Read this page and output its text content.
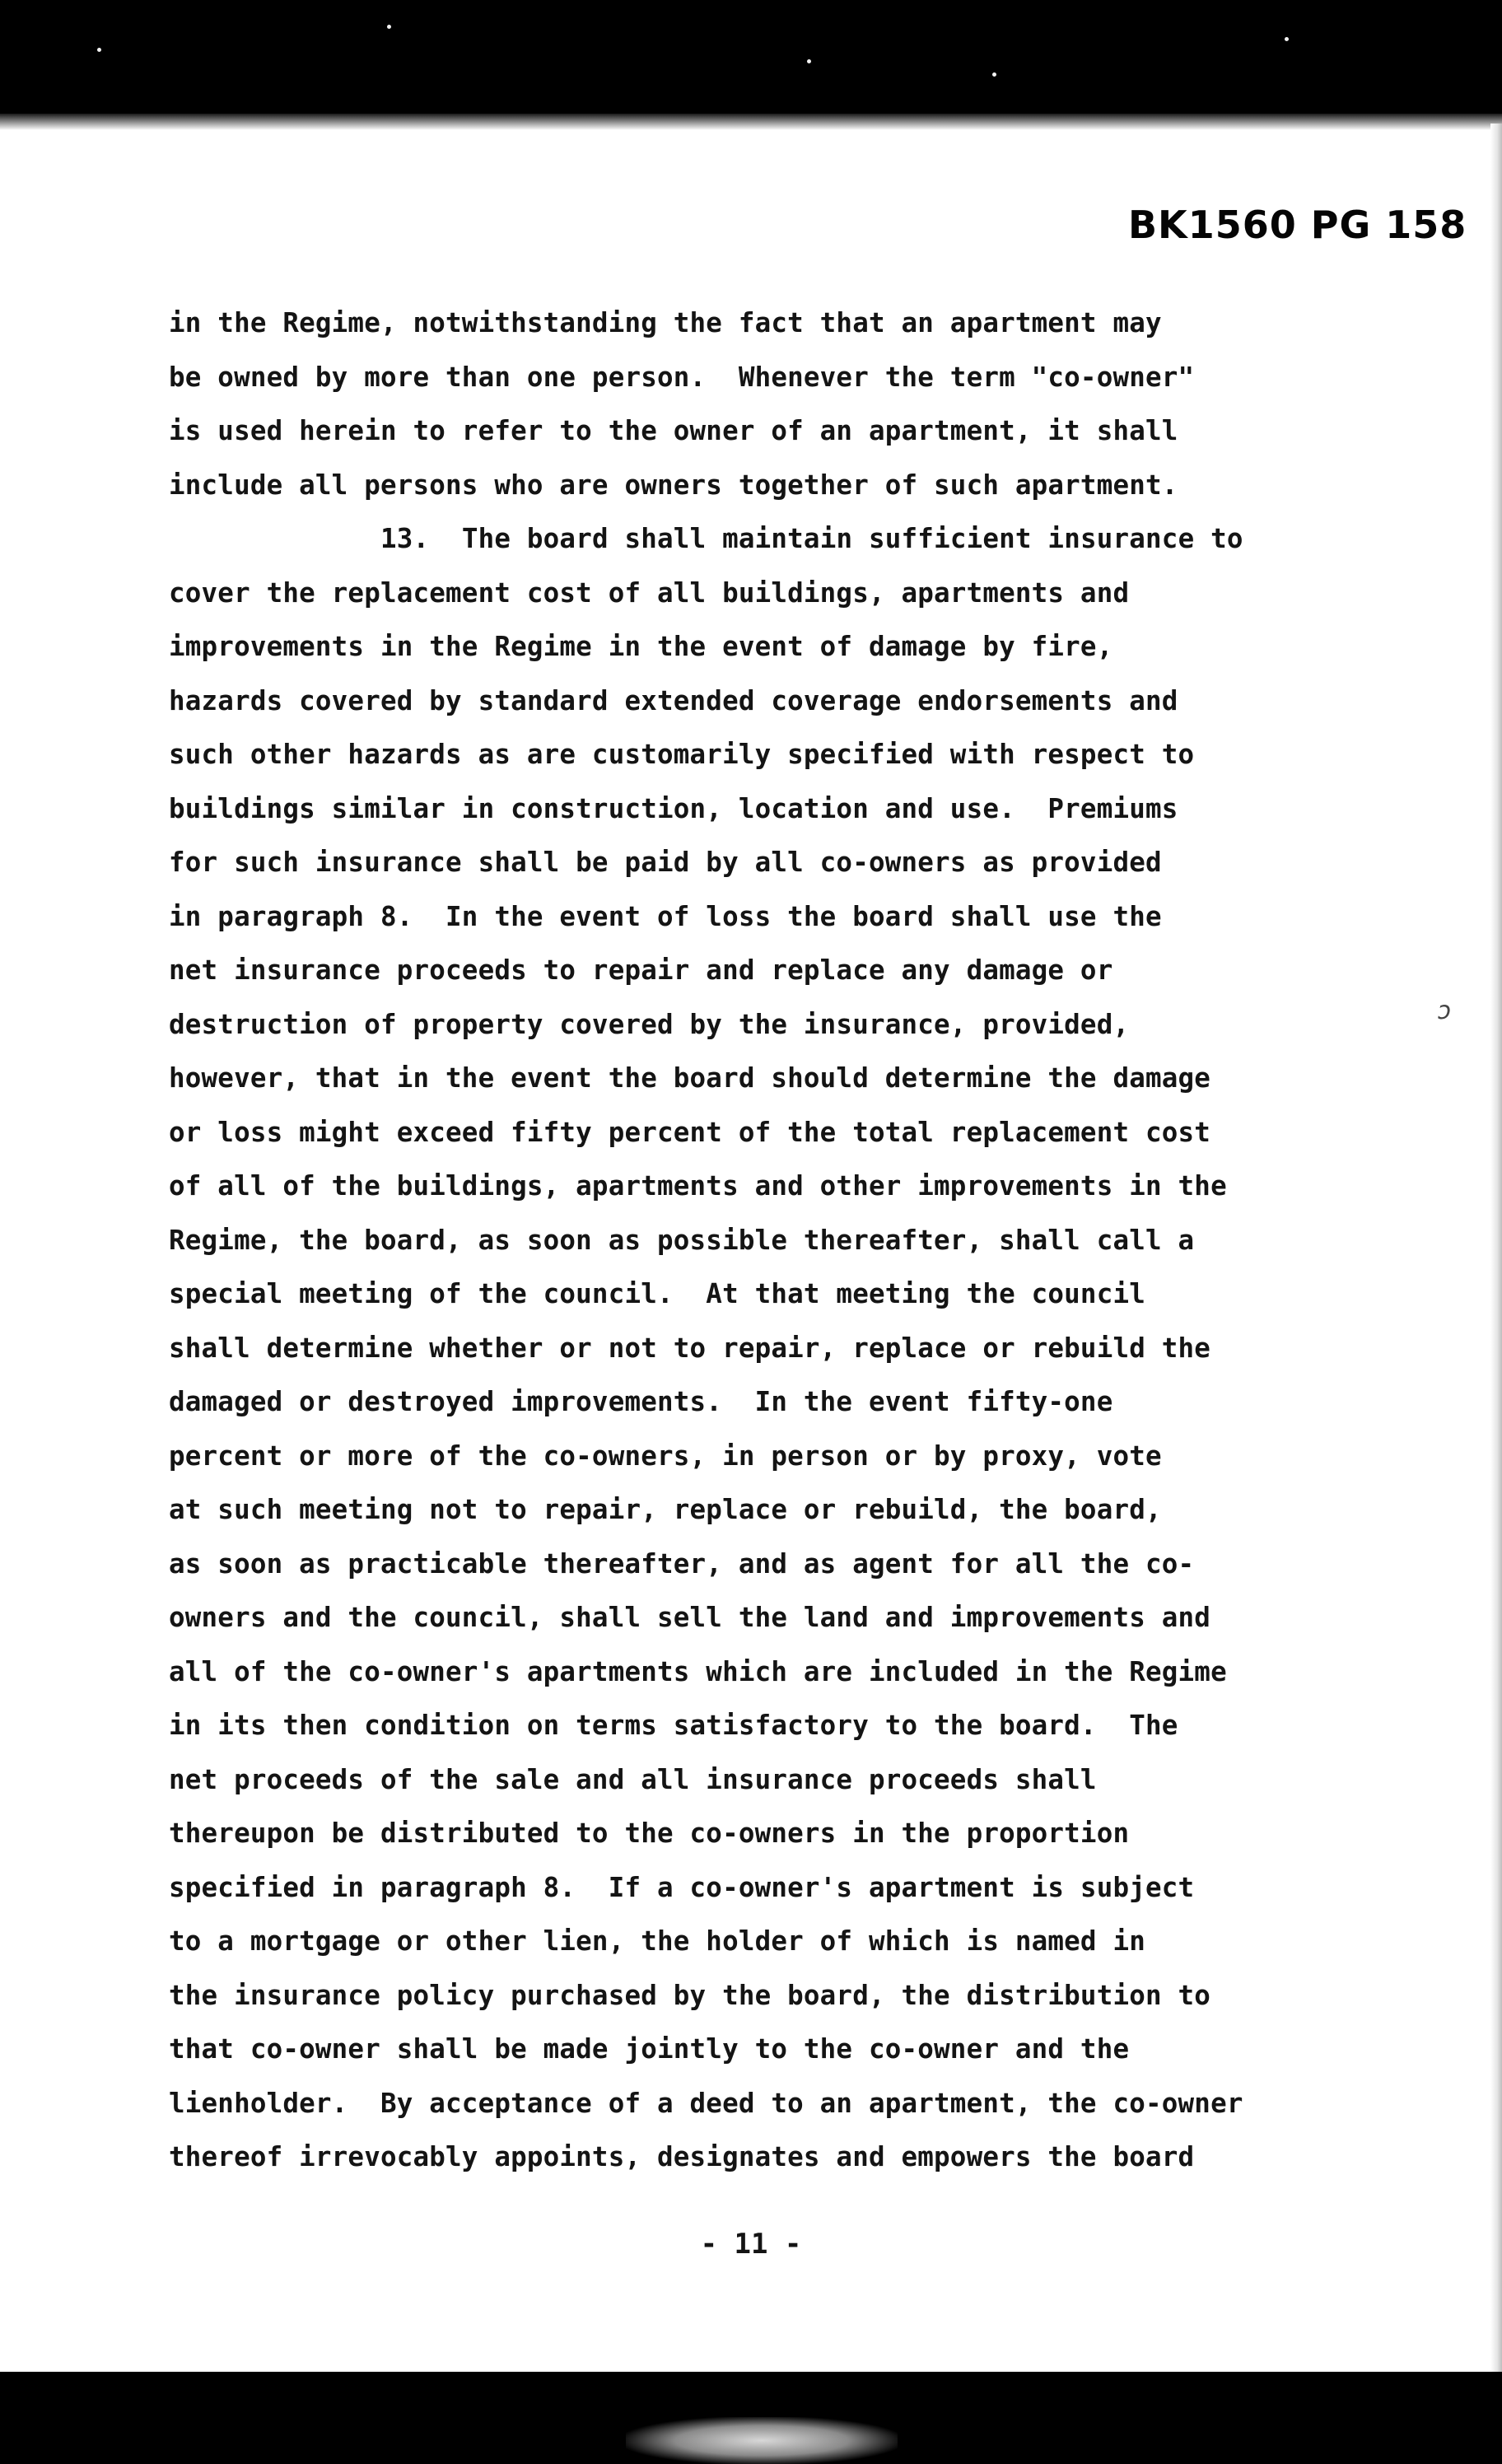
BK1560 PG 158
ɔ
in the Regime, notwithstanding the fact that an apartment may
be owned by more than one person.  Whenever the term "co-owner"
is used herein to refer to the owner of an apartment, it shall
include all persons who are owners together of such apartment.
13.  The board shall maintain sufficient insurance to
cover the replacement cost of all buildings, apartments and
improvements in the Regime in the event of damage by fire,
hazards covered by standard extended coverage endorsements and
such other hazards as are customarily specified with respect to
buildings similar in construction, location and use.  Premiums
for such insurance shall be paid by all co-owners as provided
in paragraph 8.  In the event of loss the board shall use the
net insurance proceeds to repair and replace any damage or
destruction of property covered by the insurance, provided,
however, that in the event the board should determine the damage
or loss might exceed fifty percent of the total replacement cost
of all of the buildings, apartments and other improvements in the
Regime, the board, as soon as possible thereafter, shall call a
special meeting of the council.  At that meeting the council
shall determine whether or not to repair, replace or rebuild the
damaged or destroyed improvements.  In the event fifty-one
percent or more of the co-owners, in person or by proxy, vote
at such meeting not to repair, replace or rebuild, the board,
as soon as practicable thereafter, and as agent for all the co-
owners and the council, shall sell the land and improvements and
all of the co-owner's apartments which are included in the Regime
in its then condition on terms satisfactory to the board.  The
net proceeds of the sale and all insurance proceeds shall
thereupon be distributed to the co-owners in the proportion
specified in paragraph 8.  If a co-owner's apartment is subject
to a mortgage or other lien, the holder of which is named in
the insurance policy purchased by the board, the distribution to
that co-owner shall be made jointly to the co-owner and the
lienholder.  By acceptance of a deed to an apartment, the co-owner
thereof irrevocably appoints, designates and empowers the board
- 11 -
